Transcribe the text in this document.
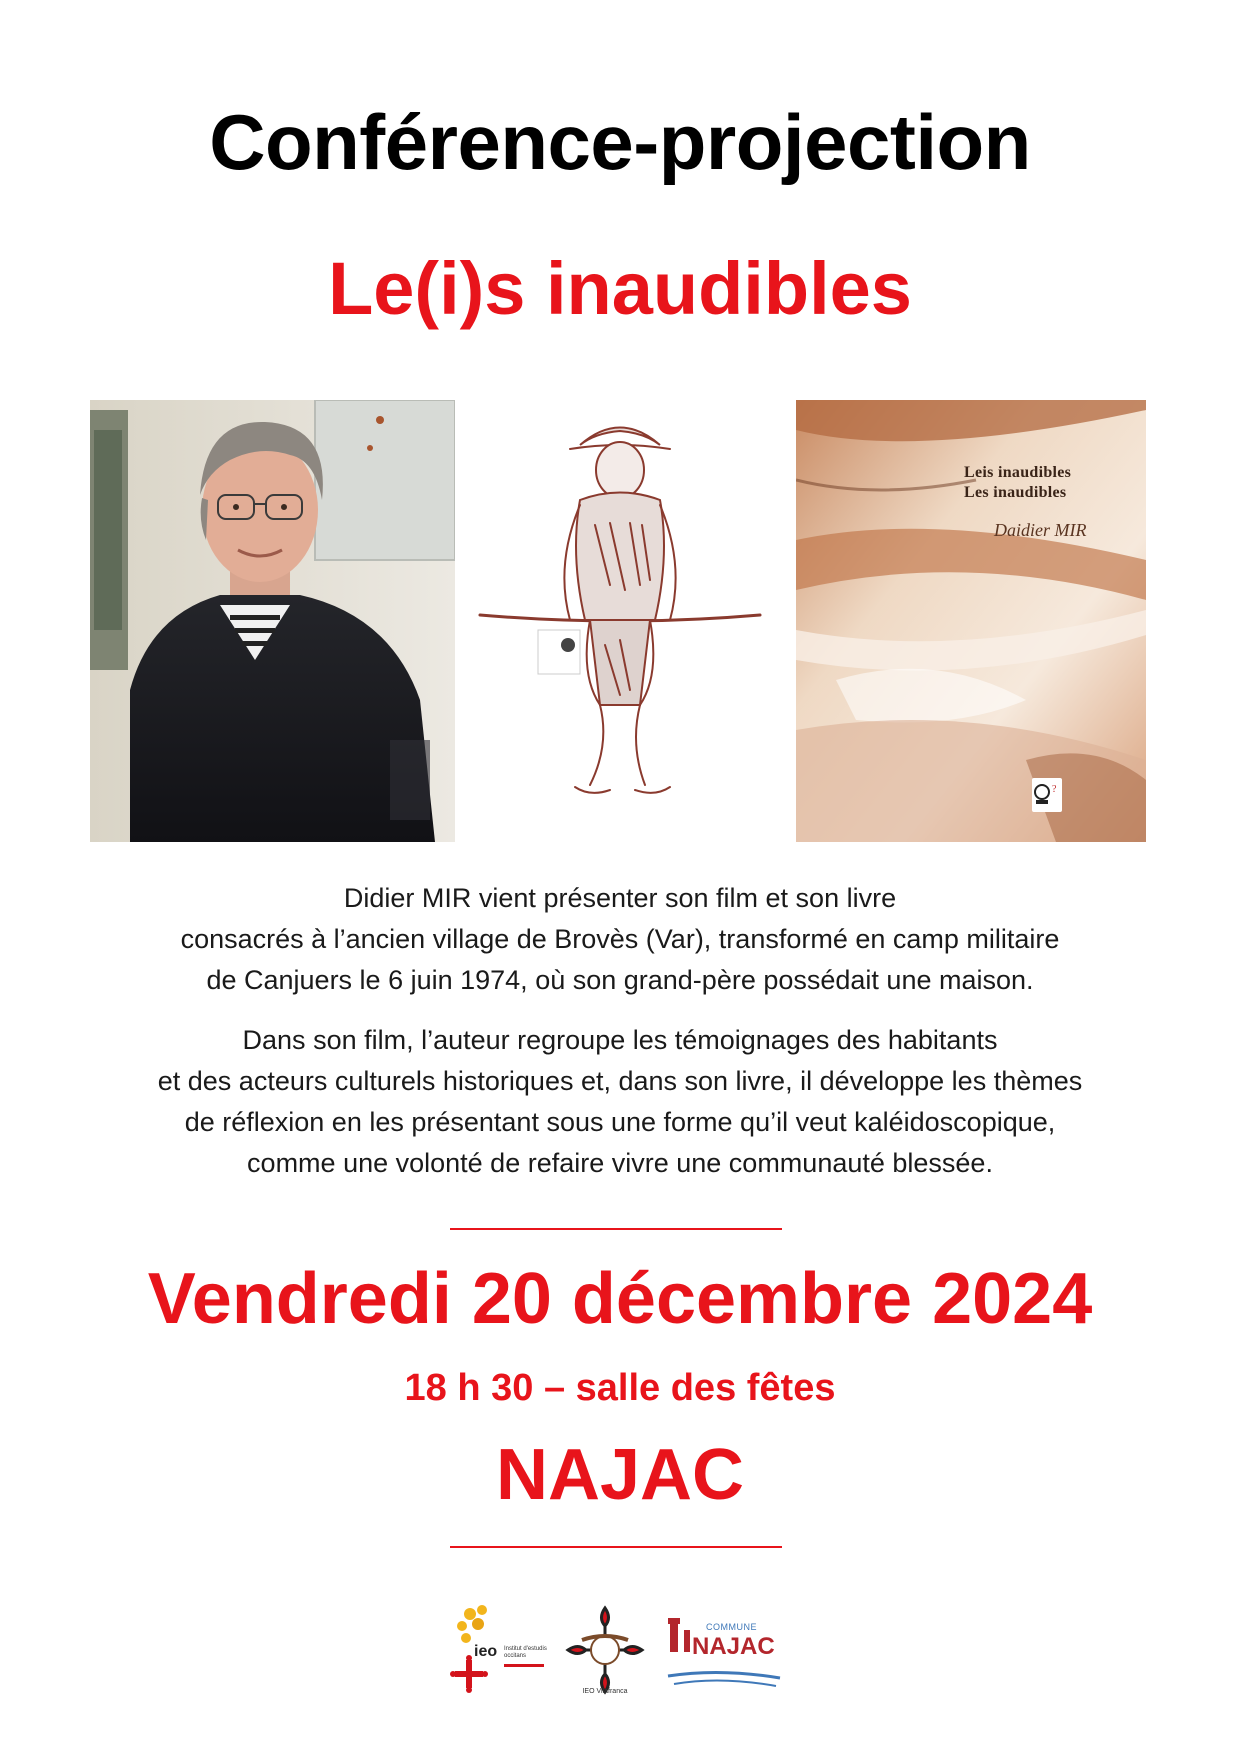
Conférence-projection
Le(i)s inaudibles
Leis inaudibles
Les inaudibles
Daidier MIR
?
Didier MIR vient présenter son film et son livre
consacrés à l’ancien village de Brovès (Var), transformé en camp militaire
de Canjuers le 6 juin 1974, où son grand-père possédait une maison.
Dans son film, l’auteur regroupe les témoignages des habitants
et des acteurs culturels historiques et, dans son livre, il développe les thèmes
de réflexion en les présentant sous une forme qu’il veut kaléidoscopique,
comme une volonté de refaire vivre une communauté blessée.
Vendredi 20 décembre 2024
18 h 30 – salle des fêtes
NAJAC
ieo Institut d'estudis occitans
IEO Vilafranca
COMMUNE
NAJAC
